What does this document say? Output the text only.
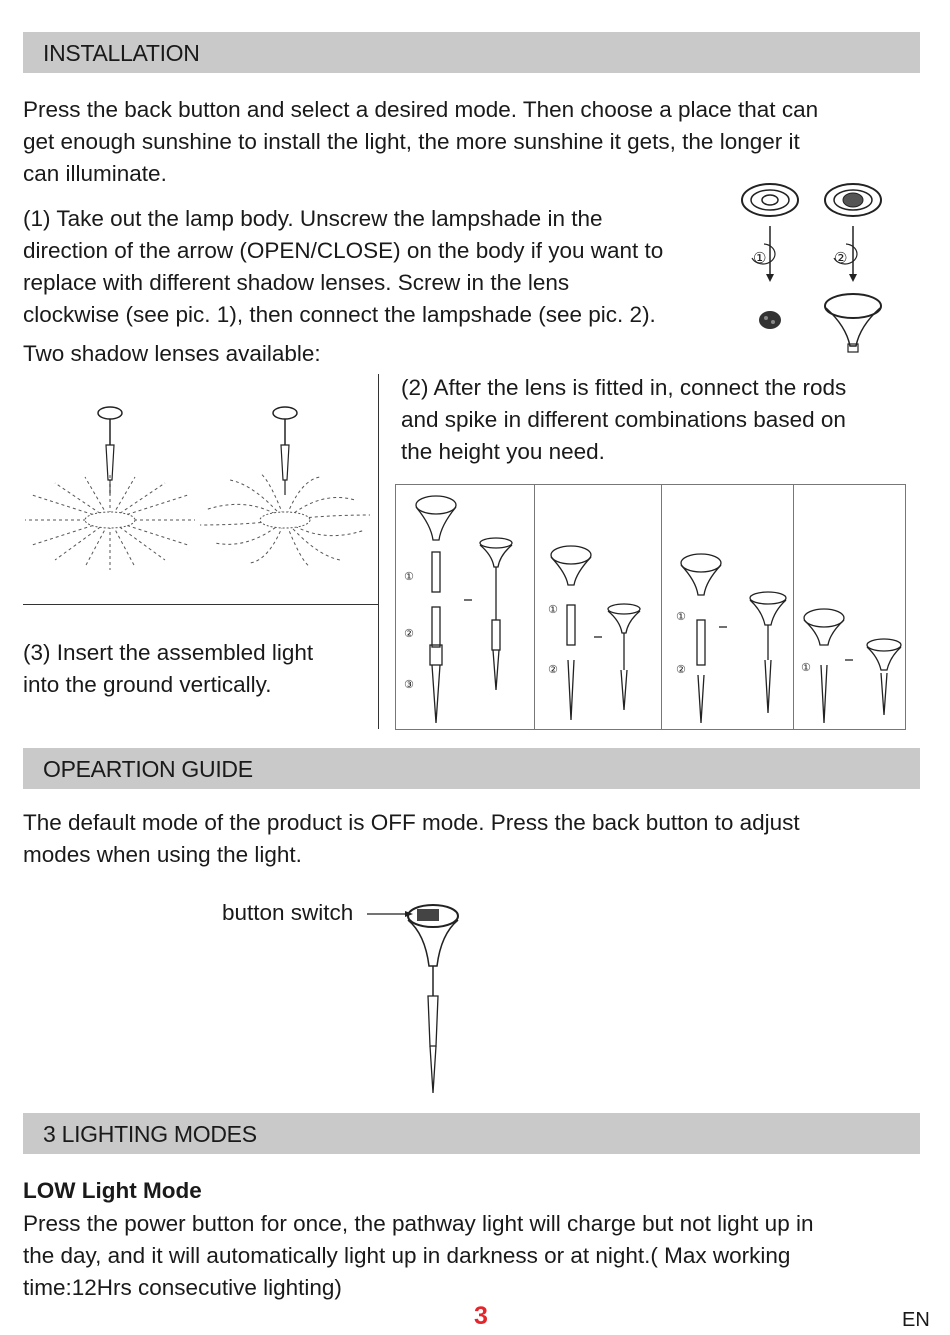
INSTALLATION
Press the back button and select a desired mode. Then choose a place that can
get enough sunshine to install the light, the more sunshine it gets, the longer it
can illuminate.
(1) Take out the lamp body. Unscrew the lampshade in the
direction of the arrow (OPEN/CLOSE) on the body if you want to
replace with different shadow lenses. Screw in the lens
clockwise (see pic. 1), then connect the lampshade (see pic. 2).
①	②
Two shadow lenses available:
(2) After the lens is fitted in, connect the rods
and spike in different combinations based on
the height you need.
(3) Insert the assembled light
into the ground vertically.
①
②
③
①
②
①
②	①
OPEARTION GUIDE
The default mode of the product is OFF mode. Press the back button to adjust
modes when using the light.
button switch
3 LIGHTING MODES
LOW Light Mode
Press the power button for once, the pathway light will charge but not light up in
the day, and it will automatically light up in darkness or at night.( Max working
time:12Hrs consecutive lighting)
3	EN
